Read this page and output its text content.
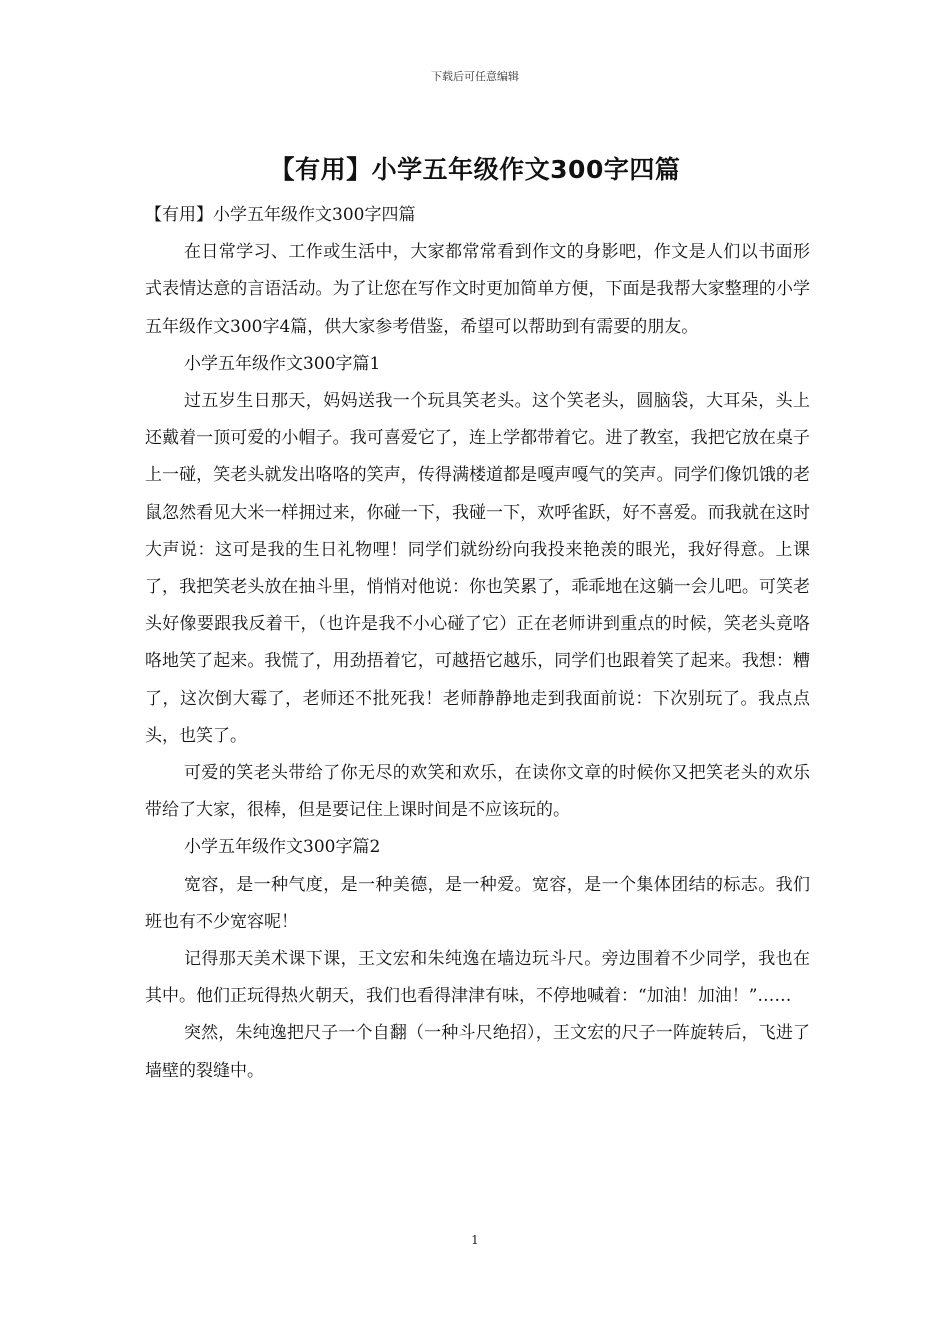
下载后可任意编辑
【有用】小学五年级作文300字四篇

【有用】小学五年级作文300字四篇

在日常学习、工作或生活中，大家都常常看到作文的身影吧，作文是人们以书面形式表情达意的言语活动。为了让您在写作文时更加简单方便，下面是我帮大家整理的小学五年级作文300字4篇，供大家参考借鉴，希望可以帮助到有需要的朋友。

小学五年级作文300字篇1

过五岁生日那天，妈妈送我一个玩具笑老头。这个笑老头，圆脑袋，大耳朵，头上还戴着一顶可爱的小帽子。我可喜爱它了，连上学都带着它。进了教室，我把它放在桌子上一碰，笑老头就发出咯咯的笑声，传得满楼道都是嘎声嘎气的笑声。同学们像饥饿的老鼠忽然看见大米一样拥过来，你碰一下，我碰一下，欢呼雀跃，好不喜爱。而我就在这时大声说：这可是我的生日礼物哩！同学们就纷纷向我投来艳羡的眼光，我好得意。上课了，我把笑老头放在抽斗里，悄悄对他说：你也笑累了，乖乖地在这躺一会儿吧。可笑老头好像要跟我反着干，（也许是我不小心碰了它）正在老师讲到重点的时候，笑老头竟咯咯地笑了起来。我慌了，用劲捂着它，可越捂它越乐，同学们也跟着笑了起来。我想：糟了，这次倒大霉了，老师还不批死我！老师静静地走到我面前说：下次别玩了。我点点头，也笑了。

可爱的笑老头带给了你无尽的欢笑和欢乐，在读你文章的时候你又把笑老头的欢乐带给了大家，很棒，但是要记住上课时间是不应该玩的。

小学五年级作文300字篇2

宽容，是一种气度，是一种美德，是一种爱。宽容，是一个集体团结的标志。我们班也有不少宽容呢！

记得那天美术课下课，王文宏和朱纯逸在墙边玩斗尺。旁边围着不少同学，我也在其中。他们正玩得热火朝天，我们也看得津津有味，不停地喊着：“加油！加油！”……

突然，朱纯逸把尺子一个自翻（一种斗尺绝招），王文宏的尺子一阵旋转后，飞进了墙壁的裂缝中。

1
